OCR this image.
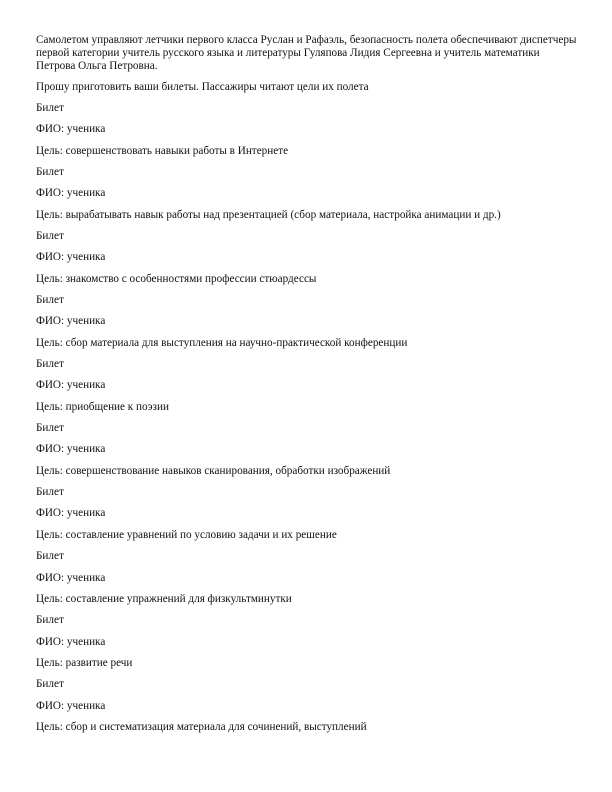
Самолетом управляют летчики первого класса Руслан и Рафаэль, безопасность полета обеспечивают диспетчеры первой категории учитель русского языка и литературы Гуляпова Лидия Сергеевна и учитель математики Петрова Ольга Петровна.

Прошу приготовить ваши билеты. Пассажиры читают цели их полета

Билет

ФИО: ученика

Цель: совершенствовать навыки работы в Интернете

Билет

ФИО: ученика

Цель: вырабатывать навык работы над презентацией (сбор материала, настройка анимации и др.)

Билет

ФИО: ученика

Цель: знакомство с особенностями профессии стюардессы

Билет

ФИО: ученика

Цель: сбор материала для выступления на научно-практической конференции

Билет

ФИО: ученика

Цель: приобщение к поэзии

Билет

ФИО: ученика

Цель: совершенствование навыков сканирования, обработки изображений

Билет

ФИО: ученика

Цель: составление уравнений по условию задачи и их решение

Билет

ФИО: ученика

Цель: составление упражнений для физкультминутки

Билет

ФИО: ученика

Цель: развитие речи

Билет

ФИО: ученика

Цель: сбор и систематизация материала для сочинений, выступлений
